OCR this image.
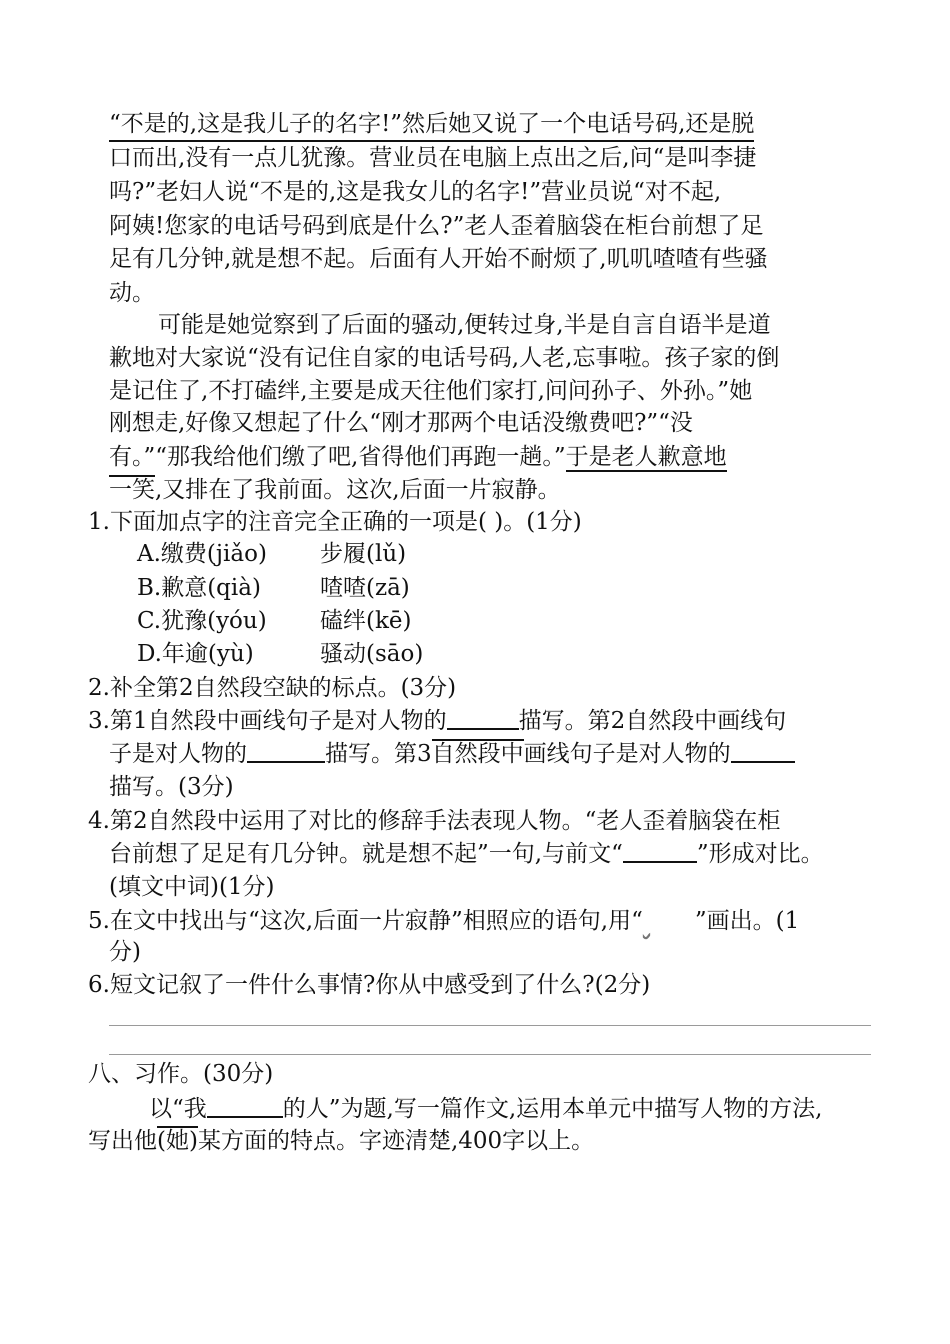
“不是的,这是我儿子的名字!”然后她又说了一个电话号码,还是脱
口而出,没有一点儿犹豫。营业员在电脑上点出之后,问“是叫李捷
吗?”老妇人说“不是的,这是我女儿的名字!”营业员说“对不起,
阿姨!您家的电话号码到底是什么?”老人歪着脑袋在柜台前想了足
足有几分钟,就是想不起。后面有人开始不耐烦了,叽叽喳喳有些骚
动。
可能是她觉察到了后面的骚动,便转过身,半是自言自语半是道
歉地对大家说“没有记住自家的电话号码,人老,忘事啦。孩子家的倒
是记住了,不打磕绊,主要是成天往他们家打,问问孙子、外孙。”她
刚想走,好像又想起了什么“刚才那两个电话没缴费吧?”“没
有。”“那我给他们缴了吧,省得他们再跑一趟。”于是老人歉意地
一笑,又排在了我前面。这次,后面一片寂静。
1.下面加点字的注音完全正确的一项是( )。(1分)
A.缴费(jiǎo) 步履(lǔ)
B.歉意(qià)	喳喳(zā)
C.犹豫(yóu) 磕绊(kē)
D.年逾(yù)	骚动(sāo)
2.补全第2自然段空缺的标点。(3分)
3.第1自然段中画线句子是对人物的	描写。第2自然段中画线句
子是对人物的	描写。第3自然段中画线句子是对人物的
描写。(3分)
4.第2自然段中运用了对比的修辞手法表现人物。“老人歪着脑袋在柜
台前想了足足有几分钟。就是想不起”一句,与前文“	”形成对比。
(填文中词)(1分)
5.在文中找出与“这次,后面一片寂静”相照应的语句,用“ ”画出。(1
分)
6.短文记叙了一件什么事情?你从中感受到了什么?(2分)
八、习作。(30分)
以“我	的人”为题,写一篇作文,运用本单元中描写人物的方法,
写出他(她)某方面的特点。字迹清楚,400字以上。
